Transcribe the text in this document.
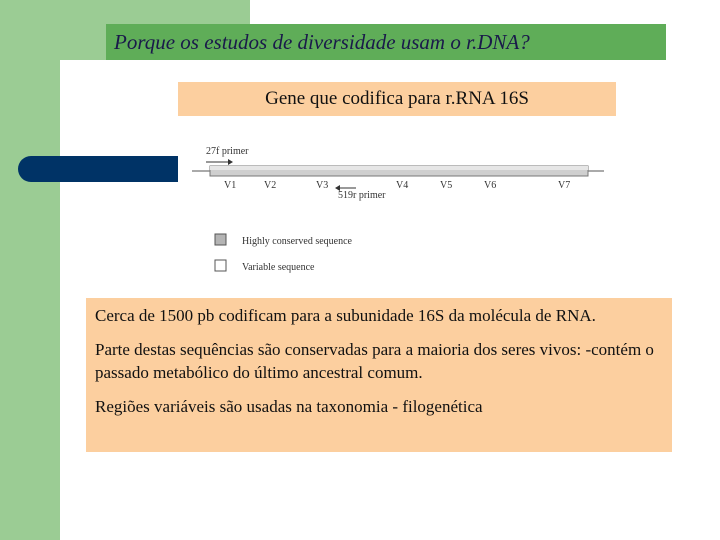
Porque os estudos de diversidade usam o r.DNA?
Gene que codifica para r.RNA 16S
27f primer
V1	V2	V3	V4	V5	V6	V7
519r primer
Highly conserved sequence
Variable sequence

Cerca de 1500 pb codificam para a subunidade 16S da molécula de RNA.

Parte destas sequências são conservadas para a maioria dos seres vivos: -contém o passado metabólico do último ancestral comum.

Regiões variáveis são usadas na taxonomia - filogenética
